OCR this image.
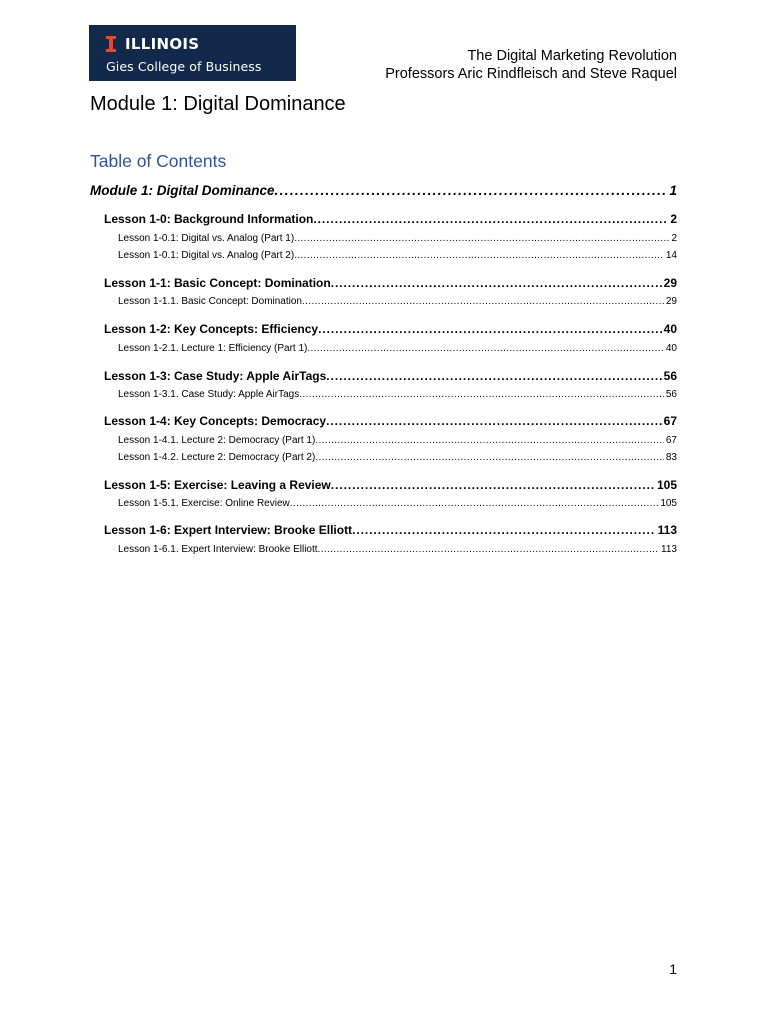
ILLINOIS
Gies College of Business
The Digital Marketing Revolution
Professors Aric Rindfleisch and Steve Raquel
Module 1: Digital Dominance
Table of Contents
Module 1: Digital Dominance . . .	1
Lesson 1-0: Background Information . . .	2
Lesson 1-0.1: Digital vs. Analog (Part 1) . . .	2
Lesson 1-0.1: Digital vs. Analog (Part 2) . . .	14
Lesson 1-1: Basic Concept: Domination . . .	29
Lesson 1-1.1. Basic Concept: Domination . . .	29
Lesson 1-2: Key Concepts: Efficiency . . .	40
Lesson 1-2.1. Lecture 1: Efficiency (Part 1) . . .	40
Lesson 1-3: Case Study: Apple AirTags . . .	56
Lesson 1-3.1. Case Study: Apple AirTags . . .	56
Lesson 1-4: Key Concepts: Democracy . . .	67
Lesson 1-4.1. Lecture 2: Democracy (Part 1) . . .	67
Lesson 1-4.2. Lecture 2: Democracy (Part 2) . . .	83
Lesson 1-5: Exercise: Leaving a Review . . .	105
Lesson 1-5.1. Exercise: Online Review . . .	105
Lesson 1-6: Expert Interview: Brooke Elliott . . .	113
Lesson 1-6.1. Expert Interview: Brooke Elliott . . .	113
1
